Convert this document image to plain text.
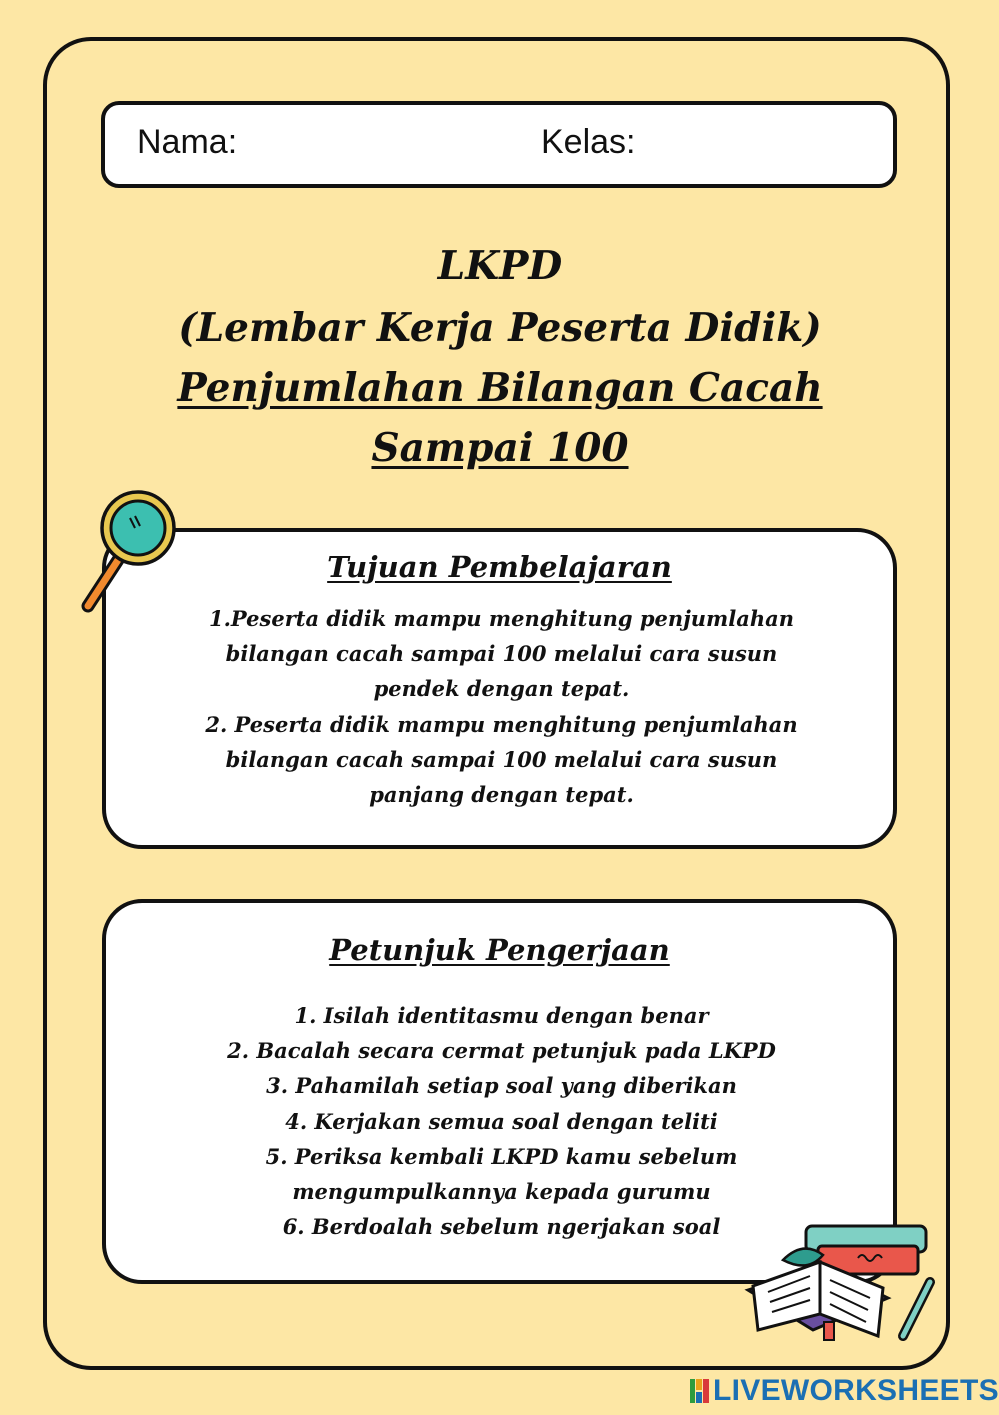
Nama:	Kelas:
LKPD
(Lembar Kerja Peserta Didik)
Penjumlahan Bilangan Cacah
Sampai 100
Tujuan Pembelajaran
1.Peserta didik mampu menghitung penjumlahan
bilangan cacah sampai 100 melalui cara susun
pendek dengan tepat.
2. Peserta didik mampu menghitung penjumlahan
bilangan cacah sampai 100 melalui cara susun
panjang dengan tepat.
Petunjuk Pengerjaan
1. Isilah identitasmu dengan benar
2. Bacalah secara cermat petunjuk pada LKPD
3. Pahamilah setiap soal yang diberikan
4. Kerjakan semua soal dengan teliti
5. Periksa kembali LKPD kamu sebelum
mengumpulkannya kepada gurumu
6. Berdoalah sebelum ngerjakan soal
LIVEWORKSHEETS
